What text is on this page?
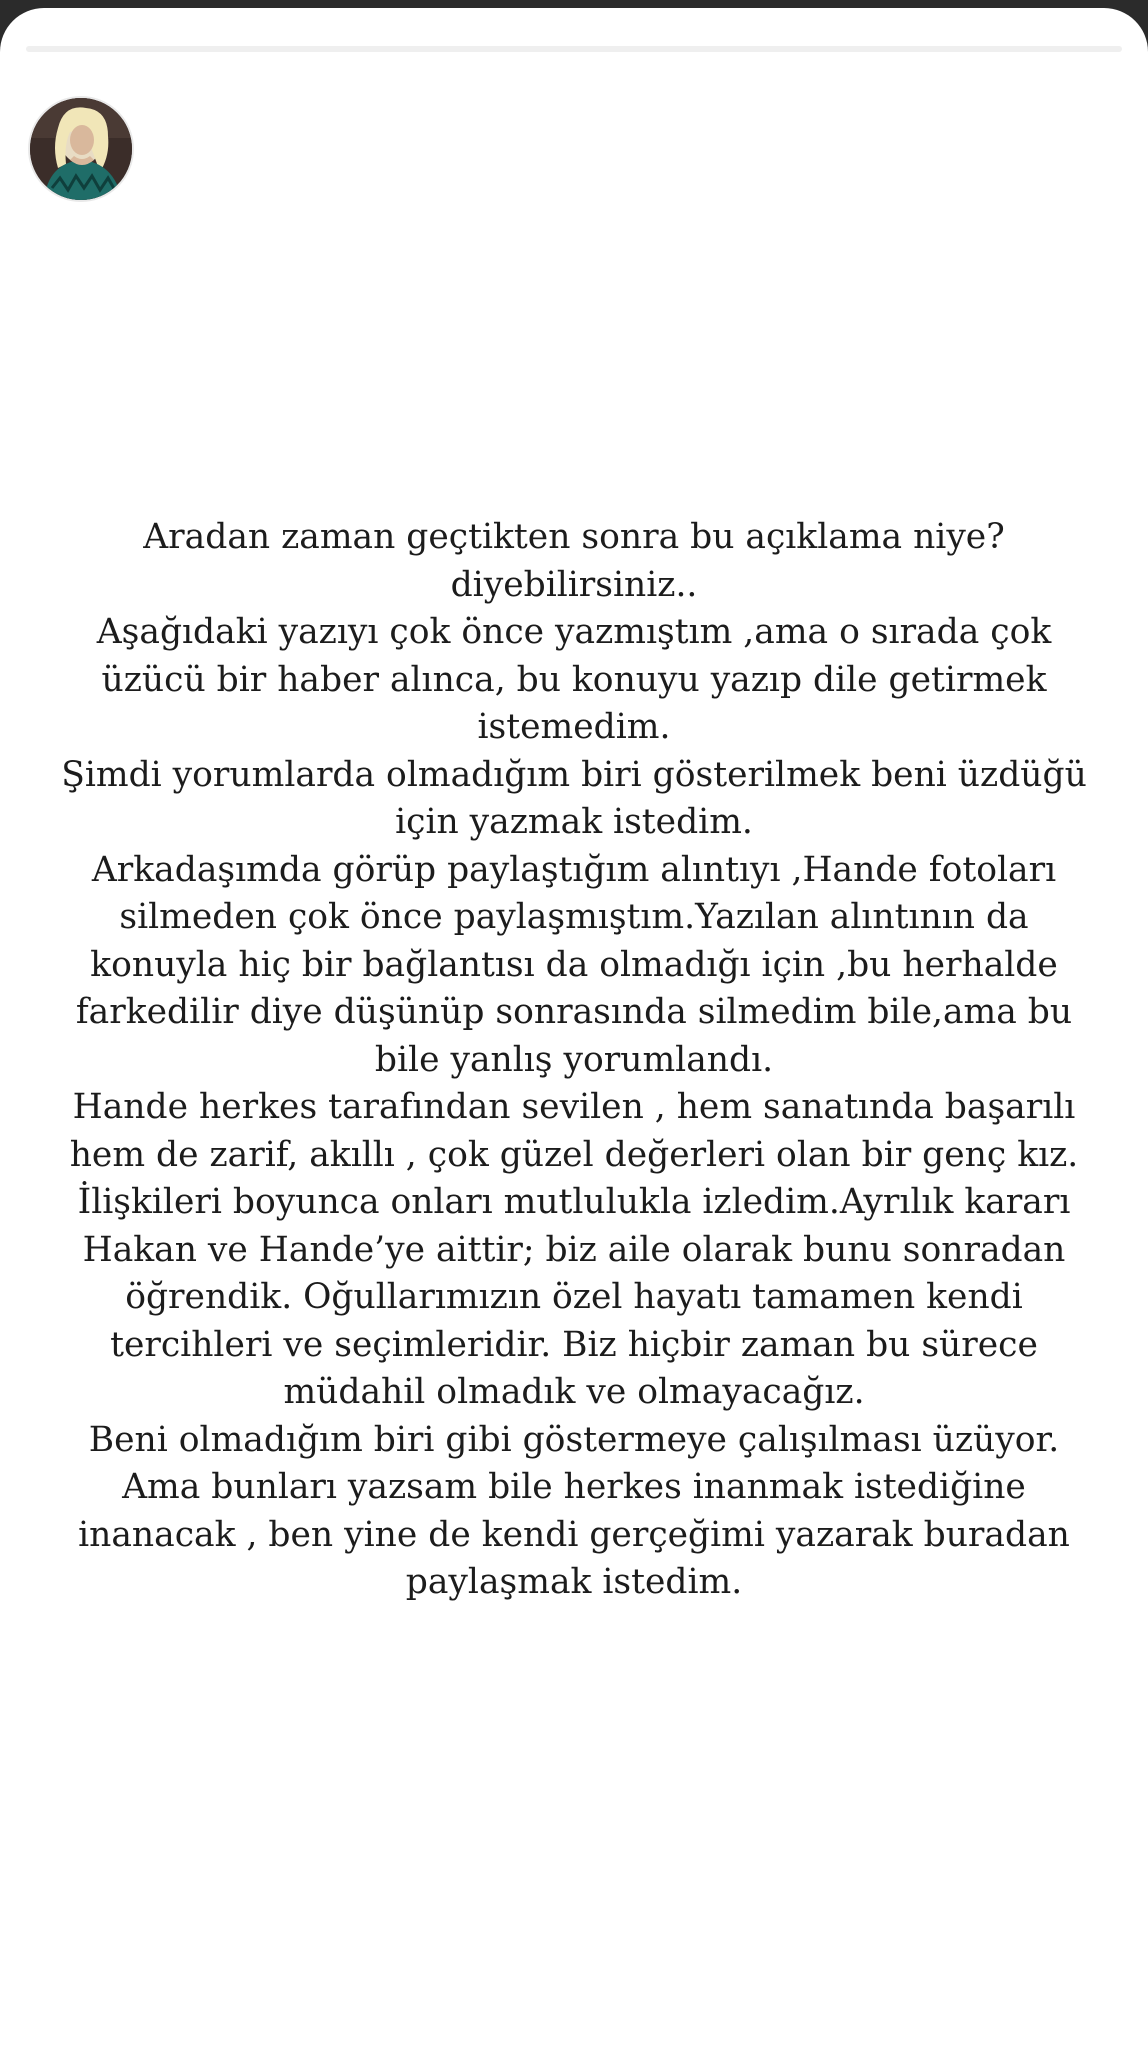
Aradan zaman geçtikten sonra bu açıklama niye?
diyebilirsiniz..
Aşağıdaki yazıyı çok önce yazmıştım ,ama o sırada çok
üzücü bir haber alınca, bu konuyu yazıp dile getirmek
istemedim.
Şimdi yorumlarda olmadığım biri gösterilmek beni üzdüğü
için yazmak istedim.
Arkadaşımda görüp paylaştığım alıntıyı ,Hande fotoları
silmeden çok önce paylaşmıştım.Yazılan alıntının da
konuyla hiç bir bağlantısı da olmadığı için ,bu herhalde
farkedilir diye düşünüp sonrasında silmedim bile,ama bu
bile yanlış yorumlandı.
Hande herkes tarafından sevilen , hem sanatında başarılı
hem de zarif, akıllı , çok güzel değerleri olan bir genç kız.
İlişkileri boyunca onları mutlulukla izledim.Ayrılık kararı
Hakan ve Hande’ye aittir; biz aile olarak bunu sonradan
öğrendik. Oğullarımızın özel hayatı tamamen kendi
tercihleri ve seçimleridir. Biz hiçbir zaman bu sürece
müdahil olmadık ve olmayacağız.
Beni olmadığım biri gibi göstermeye çalışılması üzüyor.
Ama bunları yazsam bile herkes inanmak istediğine
inanacak , ben yine de kendi gerçeğimi yazarak buradan
paylaşmak istedim.
